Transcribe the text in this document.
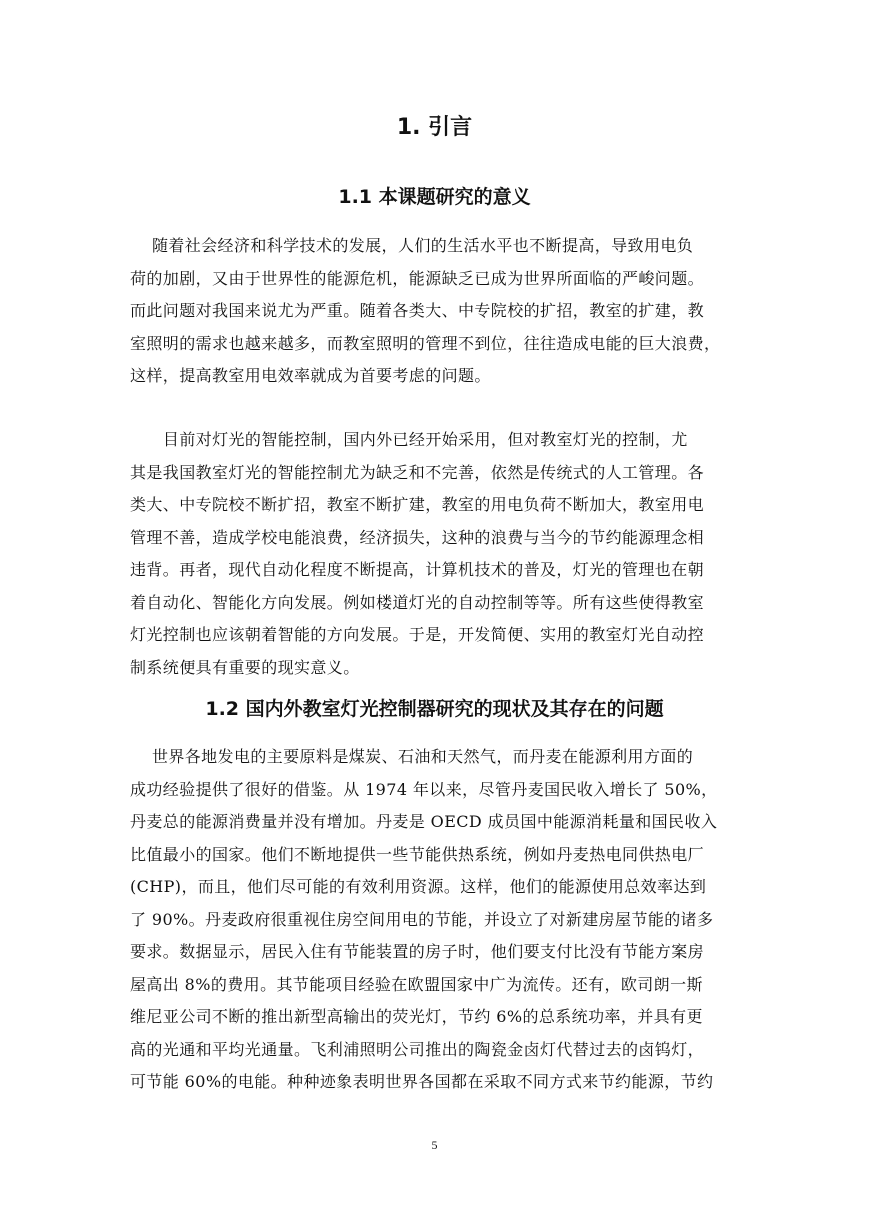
1. 引言
1.1 本课题研究的意义

随着社会经济和科学技术的发展，人们的生活水平也不断提高，导致用电负
荷的加剧，又由于世界性的能源危机，能源缺乏已成为世界所面临的严峻问题。
而此问题对我国来说尤为严重。随着各类大、中专院校的扩招，教室的扩建，教
室照明的需求也越来越多，而教室照明的管理不到位，往往造成电能的巨大浪费，
这样，提高教室用电效率就成为首要考虑的问题。

目前对灯光的智能控制，国内外已经开始采用，但对教室灯光的控制，尤
其是我国教室灯光的智能控制尤为缺乏和不完善，依然是传统式的人工管理。各
类大、中专院校不断扩招，教室不断扩建，教室的用电负荷不断加大，教室用电
管理不善，造成学校电能浪费，经济损失，这种的浪费与当今的节约能源理念相
违背。再者，现代自动化程度不断提高，计算机技术的普及，灯光的管理也在朝
着自动化、智能化方向发展。例如楼道灯光的自动控制等等。所有这些使得教室
灯光控制也应该朝着智能的方向发展。于是，开发简便、实用的教室灯光自动控
制系统便具有重要的现实意义。

1.2 国内外教室灯光控制器研究的现状及其存在的问题

世界各地发电的主要原料是煤炭、石油和天然气，而丹麦在能源利用方面的
成功经验提供了很好的借鉴。从 1974 年以来，尽管丹麦国民收入增长了 50%，
丹麦总的能源消费量并没有增加。丹麦是 OECD 成员国中能源消耗量和国民收入
比值最小的国家。他们不断地提供一些节能供热系统，例如丹麦热电同供热电厂
(CHP)，而且，他们尽可能的有效利用资源。这样，他们的能源使用总效率达到
了 90%。丹麦政府很重视住房空间用电的节能，并设立了对新建房屋节能的诸多
要求。数据显示，居民入住有节能装置的房子时，他们要支付比没有节能方案房
屋高出 8%的费用。其节能项目经验在欧盟国家中广为流传。还有，欧司朗一斯
维尼亚公司不断的推出新型高输出的荧光灯，节约 6%的总系统功率，并具有更
高的光通和平均光通量。飞利浦照明公司推出的陶瓷金卤灯代替过去的卤钨灯，
可节能 60%的电能。种种迹象表明世界各国都在采取不同方式来节约能源，节约

5
